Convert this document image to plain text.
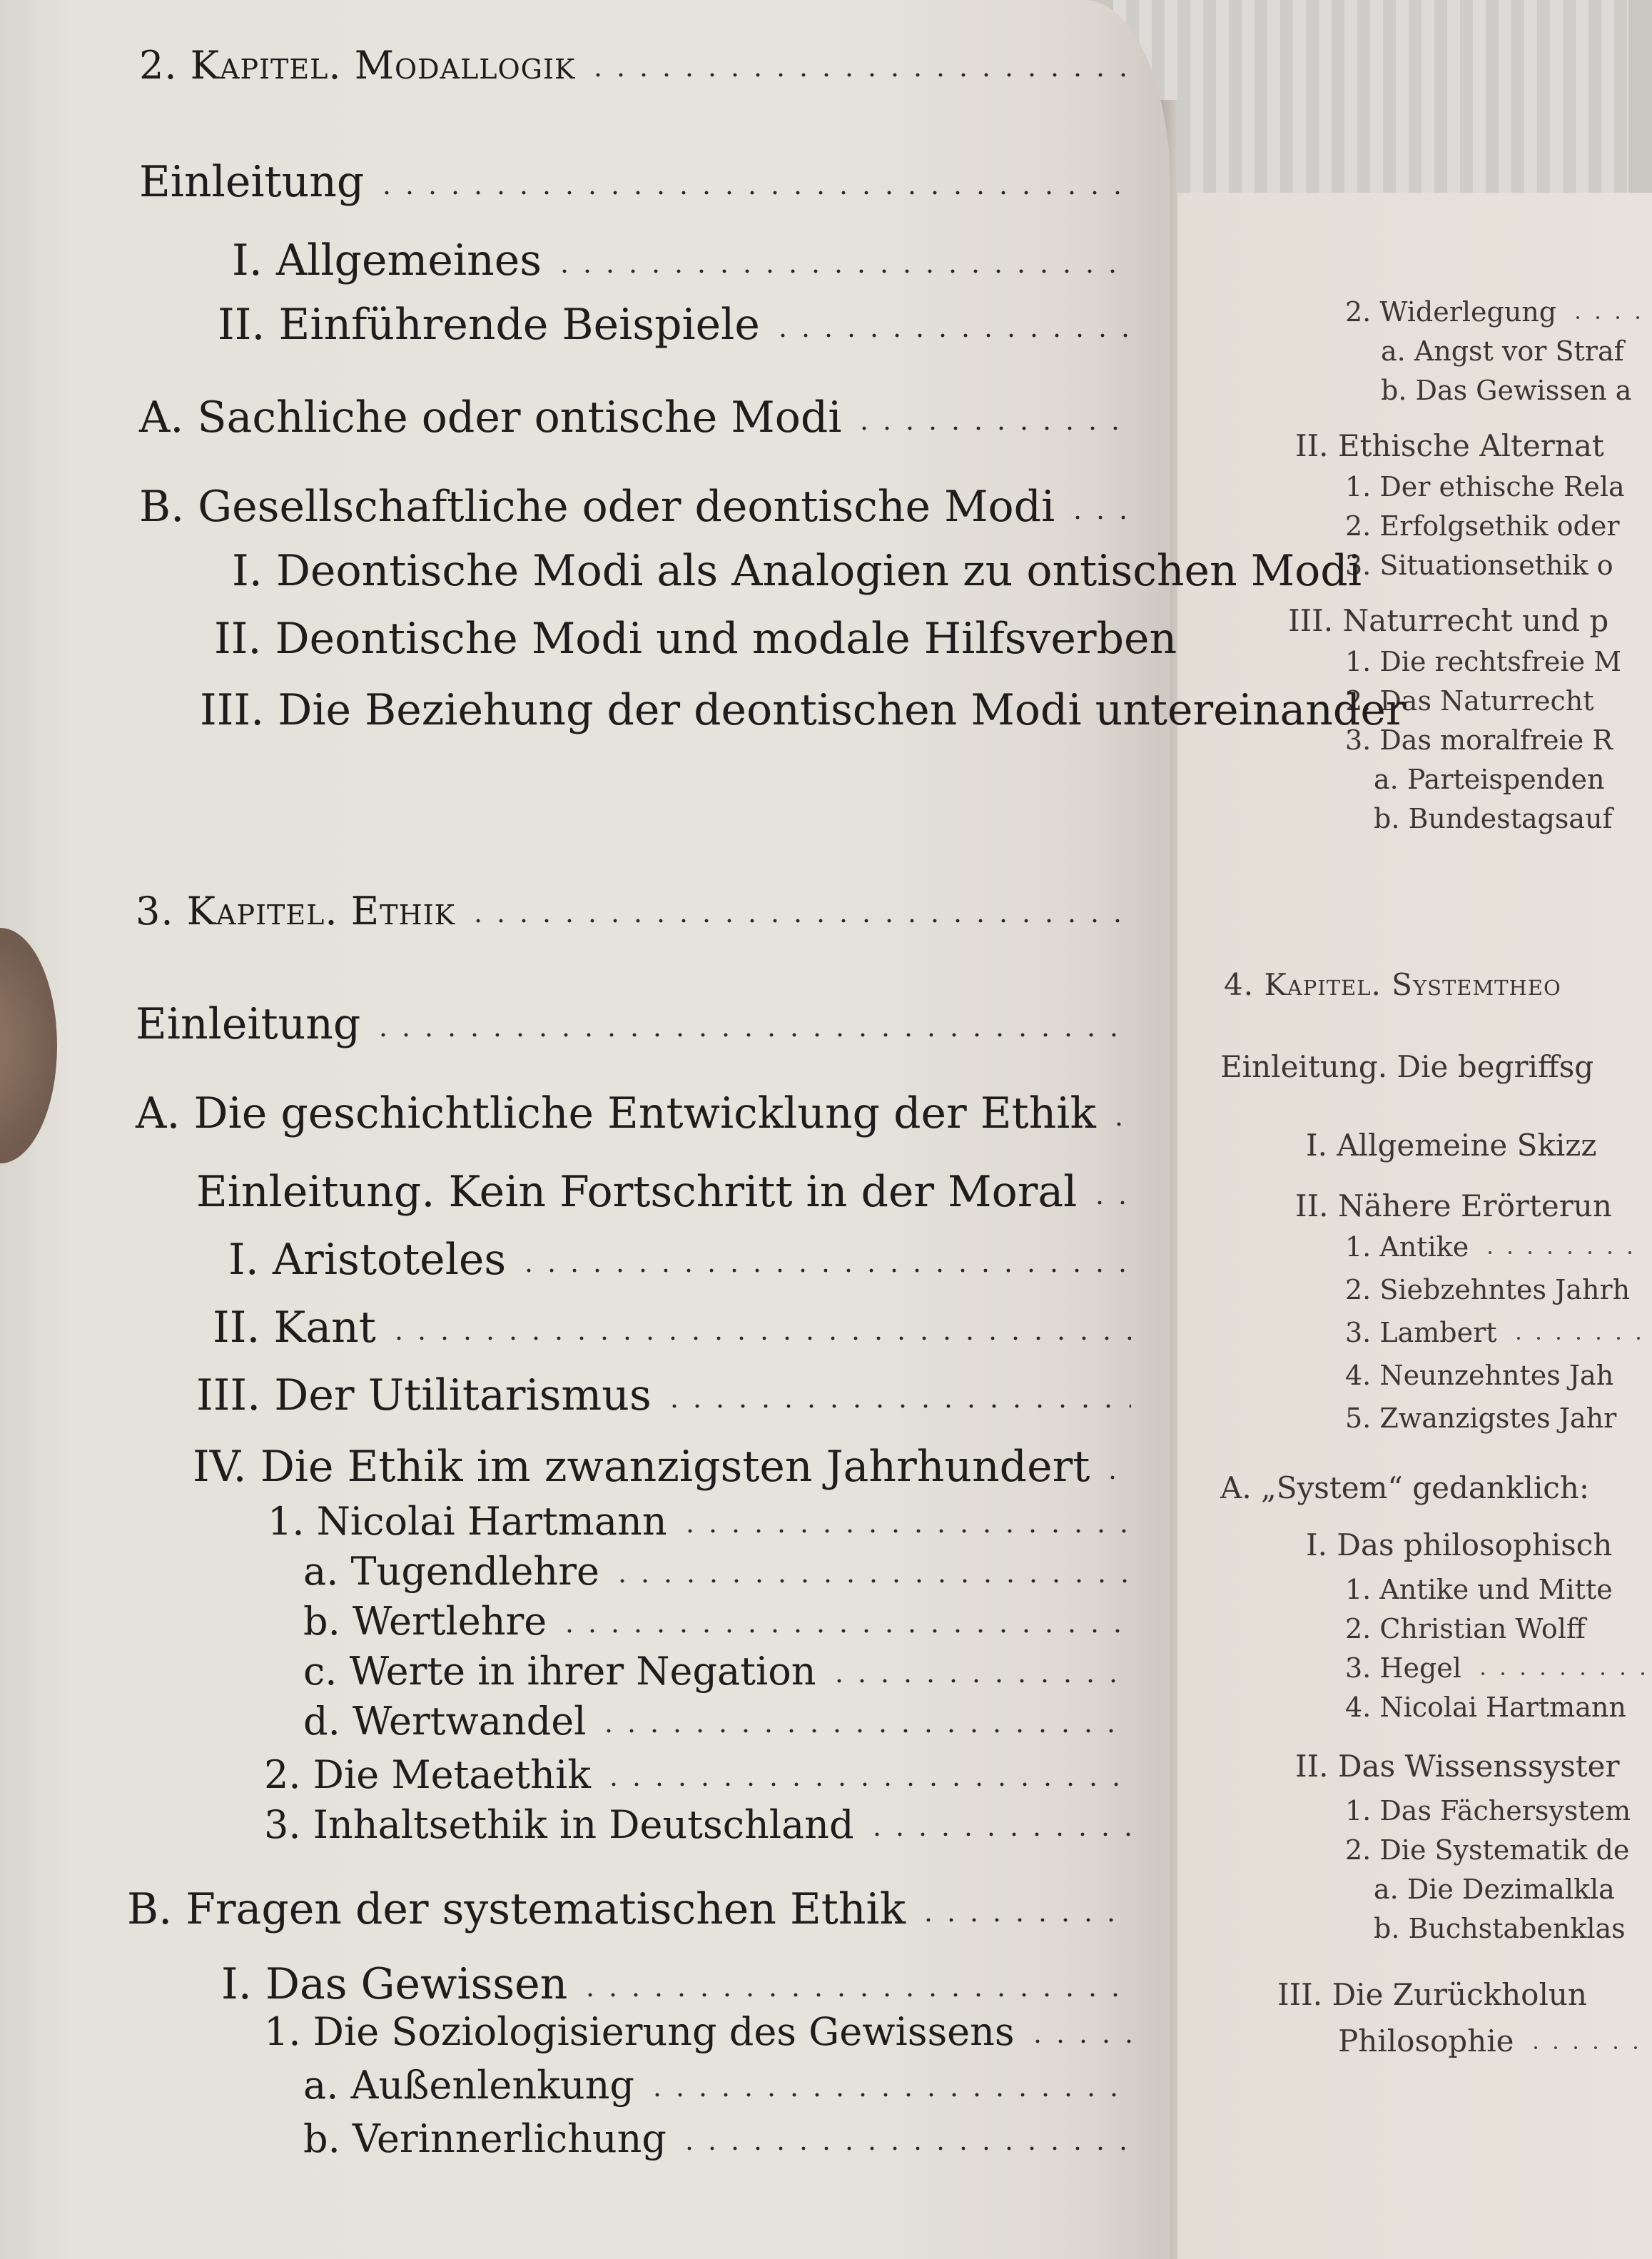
2. Widerlegung
a. Angst vor Straf
b. Das Gewissen a
II. Ethische Alternat
1. Der ethische Rela
2. Erfolgsethik oder
3. Situationsethik o
III. Naturrecht und p
1. Die rechtsfreie M
2. Das Naturrecht
3. Das moralfreie R
a. Parteispenden
b. Bundestagsauf
4. Kapitel. Systemtheo
Einleitung. Die begriffsg
I. Allgemeine Skizz
II. Nähere Erörterun
1. Antike
2. Siebzehntes Jahrh
3. Lambert
4. Neunzehntes Jah
5. Zwanzigstes Jahr
A. „System“ gedanklich:
I. Das philosophisch
1. Antike und Mitte
2. Christian Wolff
3. Hegel
4. Nicolai Hartmann
II. Das Wissenssyster
1. Das Fächersystem
2. Die Systematik de
a. Die Dezimalkla
b. Buchstabenklas
III. Die Zurückholun
Philosophie
2. Kapitel. Modallogik
Einleitung
I. Allgemeines
II. Einführende Beispiele
A. Sachliche oder ontische Modi
B. Gesellschaftliche oder deontische Modi
I. Deontische Modi als Analogien zu ontischen Modi
II. Deontische Modi und modale Hilfsverben
III. Die Beziehung der deontischen Modi untereinander
3. Kapitel. Ethik
Einleitung
A. Die geschichtliche Entwicklung der Ethik
Einleitung. Kein Fortschritt in der Moral
I. Aristoteles
II. Kant
III. Der Utilitarismus
IV. Die Ethik im zwanzigsten Jahrhundert
1. Nicolai Hartmann
a. Tugendlehre
b. Wertlehre
c. Werte in ihrer Negation
d. Wertwandel
2. Die Metaethik
3. Inhaltsethik in Deutschland
B. Fragen der systematischen Ethik
I. Das Gewissen
1. Die Soziologisierung des Gewissens
a. Außenlenkung
b. Verinnerlichung
